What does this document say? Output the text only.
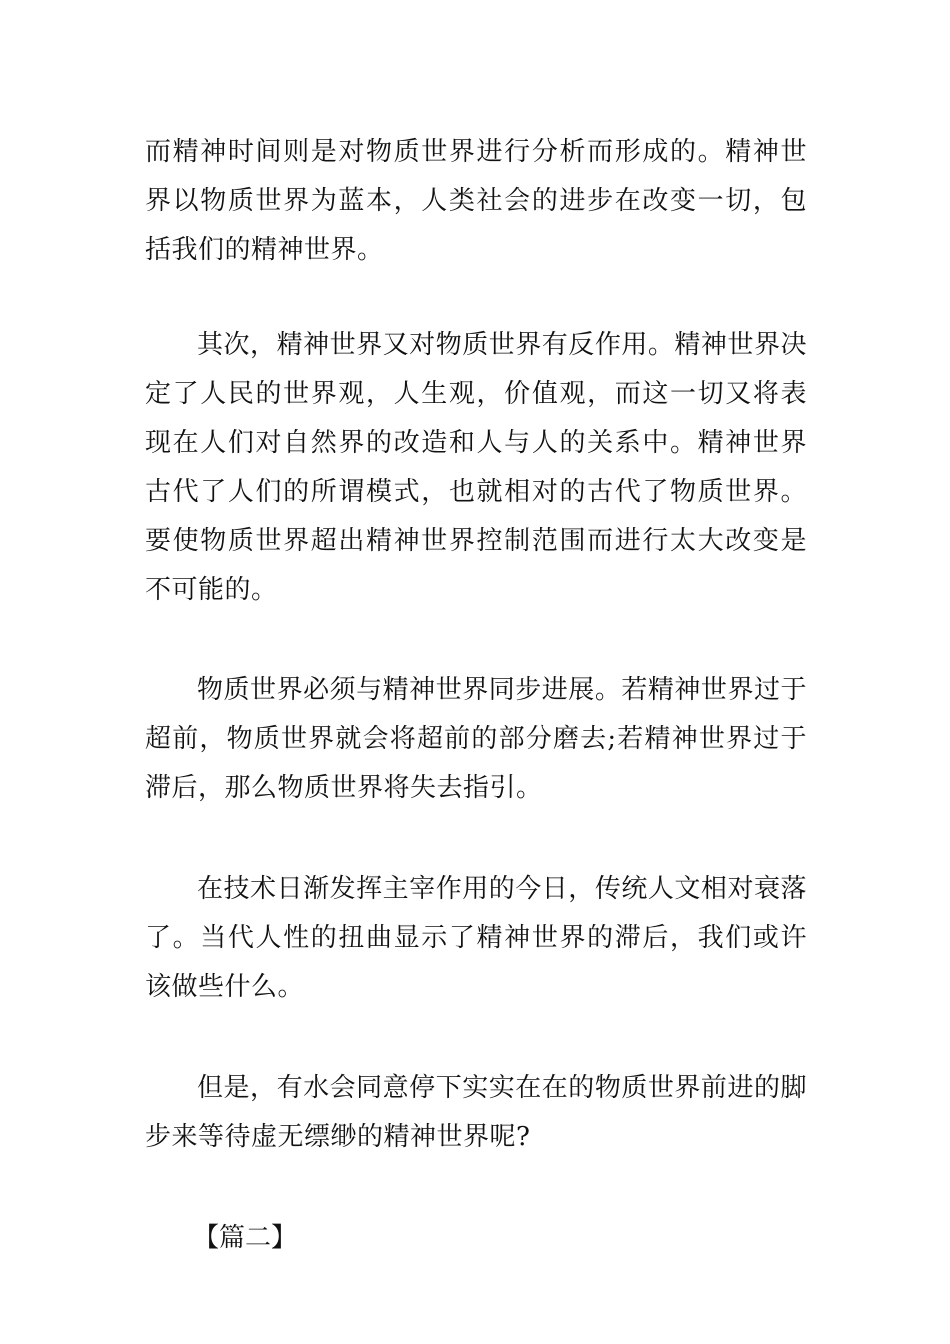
而精神时间则是对物质世界进行分析而形成的。精神世界以物质世界为蓝本，人类社会的进步在改变一切，包括我们的精神世界。

其次，精神世界又对物质世界有反作用。精神世界决定了人民的世界观，人生观，价值观，而这一切又将表现在人们对自然界的改造和人与人的关系中。精神世界古代了人们的所谓模式，也就相对的古代了物质世界。要使物质世界超出精神世界控制范围而进行太大改变是不可能的。

物质世界必须与精神世界同步进展。若精神世界过于超前，物质世界就会将超前的部分磨去;若精神世界过于滞后，那么物质世界将失去指引。

在技术日渐发挥主宰作用的今日，传统人文相对衰落了。当代人性的扭曲显示了精神世界的滞后，我们或许该做些什么。

但是，有水会同意停下实实在在的物质世界前进的脚步来等待虚无缥缈的精神世界呢?

【篇二】
